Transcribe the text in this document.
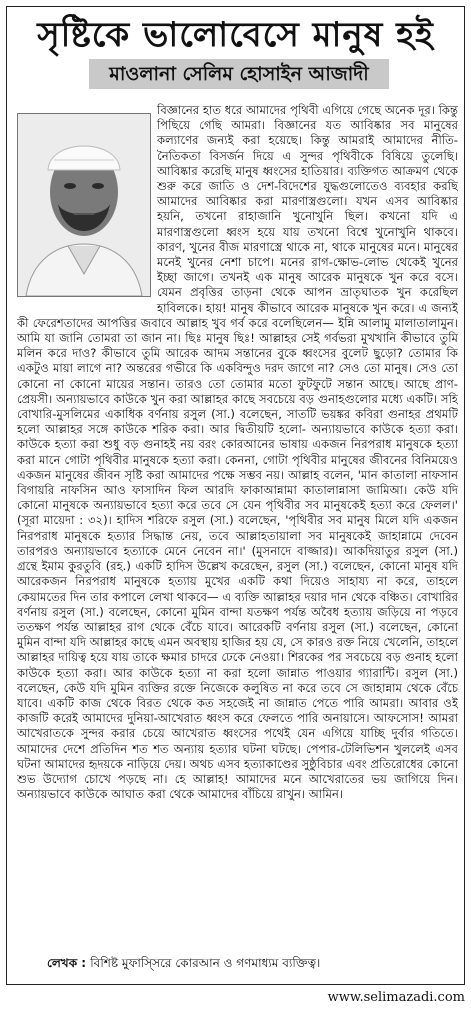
সৃষ্টিকে ভালোবেসে মানুষ হই
মাওলানা সেলিম হোসাইন আজাদী
বিজ্ঞানের হাত ধরে আমাদের পৃথিবী এগিয়ে গেছে অনেক দূর। কিন্তু পিছিয়ে গেছি আমরা। বিজ্ঞানের যত আবিষ্কার সব মানুষের কল্যাণের জন্যই করা হয়েছে। কিন্তু আমরাই আমাদের নীতি-নৈতিকতা বিসর্জন দিয়ে এ সুন্দর পৃথিবীকে বিষিয়ে তুলেছি। আবিষ্কার করেছি মানুষ ধ্বংসের হাতিয়ার। ব্যক্তিগত আক্রমণ থেকে শুরু করে জাতি ও দেশ-বিদেশের যুদ্ধগুলোতেও ব্যবহার করছি আমাদের আবিষ্কার করা মারণাস্ত্রগুলো। যখন এসব আবিষ্কার হয়নি, তখনো রাহাজানি খুনোখুনি ছিল। কখনো যদি এ মারণাস্ত্রগুলো ধ্বংস হয়ে যায় তখনো বিশ্বে খুনোখুনি থাকবে। কারণ, খুনের বীজ মারণাস্ত্রে থাকে না, থাকে মানুষের মনে। মানুষের মনেই খুনের নেশা চাপে। মনের রাগ-ক্ষোভ-লোভ থেকেই খুনের ইচ্ছা জাগে। তখনই এক মানুষ আরেক মানুষকে খুন করে বসে। যেমন প্রবৃত্তির তাড়না থেকে আপন ভ্রাতৃঘাতক খুন করেছিল হাবিলকে। হায়! মানুষ কীভাবে আরেক মানুষকে খুন করে। এ জন্যই কী ফেরেশতাদের আপত্তির জবাবে আল্লাহ খুব গর্ব করে বলেছিলেন— ইন্নি আলামু মালাতালামুন। আমি যা জানি তোমরা তা জান না। ছিঃ মানুষ ছিঃ! আল্লাহর সেই গর্বভরা মুখখানি কীভাবে তুমি মলিন করে দাও? কীভাবে তুমি আরেক আদম সন্তানের বুকে ধ্বংসের বুলেট ছুড়ো? তোমার কি একটুও মায়া লাগে না? অন্তরের গভীরে কি একবিন্দুও দরদ জাগে না? সেও তো মানুষ। সেও তো কোনো না কোনো মায়ের সন্তান। তারও তো তোমার মতো ফুটফুটে সন্তান আছে। আছে প্রাণ-প্রেয়সী। অন্যায়ভাবে কাউকে খুন করা আল্লাহর কাছে সবচেয়ে বড় গুনাহগুলোর মধ্যে একটি। সহি বোখারি-মুসলিমের একাধিক বর্ণনায় রসুল (সা.) বলেছেন, সাতটি ভয়ঙ্কর কবিরা গুনাহর প্রথমটি হলো আল্লাহর সঙ্গে কাউকে শরিক করা। আর দ্বিতীয়টি হলো- অন্যায়ভাবে কাউকে হত্যা করা। কাউকে হত্যা করা শুধু বড় গুনাহই নয় বরং কোরআনের ভাষায় একজন নিরপরাধ মানুষকে হত্যা করা মানে গোটা পৃথিবীর মানুষকে হত্যা করা। কেননা, গোটা পৃথিবীর মানুষের জীবনের বিনিময়েও একজন মানুষের জীবন সৃষ্টি করা আমাদের পক্ষে সম্ভব নয়। আল্লাহ বলেন, 'মান কাতালা নাফসান বিগায়রি নাফসিন আও ফাসাদিন ফিল আরদি ফাকাআন্নামা কাতালান্নাসা জামিআ। কেউ যদি কোনো মানুষকে অন্যায়ভাবে হত্যা করে তবে সে যেন পৃথিবীর সব মানুষকেই হত্যা করে ফেলল।' (সূরা মায়েদা : ৩২)। হাদিস শরিফে রসুল (সা.) বলেছেন, 'পৃথিবীর সব মানুষ মিলে যদি একজন নিরপরাধ মানুষকে হত্যার সিদ্ধান্ত নেয়, তবে আল্লাহতায়ালা সব মানুষকেই জাহান্নামে দেবেন তারপরও অন্যায়ভাবে হত্যাকে মেনে নেবেন না।' (মুসনাদে বাজ্জার)। আকদিয়াতুর রসুল (সা.) গ্রন্থে ইমাম কুরতুবি (রহ.) একটি হাদিস উল্লেখ করেছেন, রসুল (সা.) বলেছেন, কোনো মানুষ যদি আরেকজন নিরপরাধ মানুষকে হত্যায় মুখের একটি কথা দিয়েও সাহায্য না করে, তাহলে কেয়ামতের দিন তার কপালে লেখা থাকবে— এ ব্যক্তি আল্লাহর দয়ার দান থেকে বঞ্চিত। বোখারির বর্ণনায় রসুল (সা.) বলেছেন, কোনো মুমিন বান্দা যতক্ষণ পর্যন্ত অবৈধ হত্যায় জড়িয়ে না পড়বে ততক্ষণ পর্যন্ত আল্লাহর রাগ থেকে বেঁচে যাবে। আরেকটি বর্ণনায় রসুল (সা.) বলেছেন, কোনো মুমিন বান্দা যদি আল্লাহর কাছে এমন অবস্থায় হাজির হয় যে, সে কারও রক্ত নিয়ে খেলেনি, তাহলে আল্লাহর দায়িত্ব হয়ে যায় তাকে ক্ষমার চাদরে ঢেকে নেওয়া। শিরকের পর সবচেয়ে বড় গুনাহ হলো কাউকে হত্যা করা। আর কাউকে হত্যা না করা হলো জান্নাত পাওয়ার গ্যারান্টি। রসুল (সা.) বলেছেন, কেউ যদি মুমিন ব্যক্তির রক্তে নিজেকে কলুষিত না করে তবে সে জাহান্নাম থেকে বেঁচে যাবে। একটি কাজ থেকে বিরত থেকে কত সহজেই না জান্নাত পেতে পারি আমরা। আবার ওই কাজটি করেই আমাদের দুনিয়া-আখেরাত ধ্বংস করে ফেলতে পারি অনায়াসে। আফসোস! আমরা আখেরাতকে সুন্দর করার চেয়ে আখেরাত ধ্বংসের পথেই যেন এগিয়ে যাচ্ছি দুর্বার গতিতে। আমাদের দেশে প্রতিদিন শত শত অন্যায় হত্যার ঘটনা ঘটছে। পেপার-টেলিভিশন খুললেই এসব ঘটনা আমাদের হৃদয়কে নাড়িয়ে দেয়। অথচ এসব হত্যাকাণ্ডের সুষ্ঠুবিচার এবং প্রতিরোধের কোনো শুভ উদ্যোগ চোখে পড়ছে না। হে আল্লাহ! আমাদের মনে আখেরাতের ভয় জাগিয়ে দিন। অন্যায়ভাবে কাউকে আঘাত করা থেকে আমাদের বাঁচিয়ে রাখুন। আমিন।
লেখক : বিশিষ্ট মুফাস্সিরে কোরআন ও গণমাধ্যম ব্যক্তিত্ব।
www.selimazadi.com
